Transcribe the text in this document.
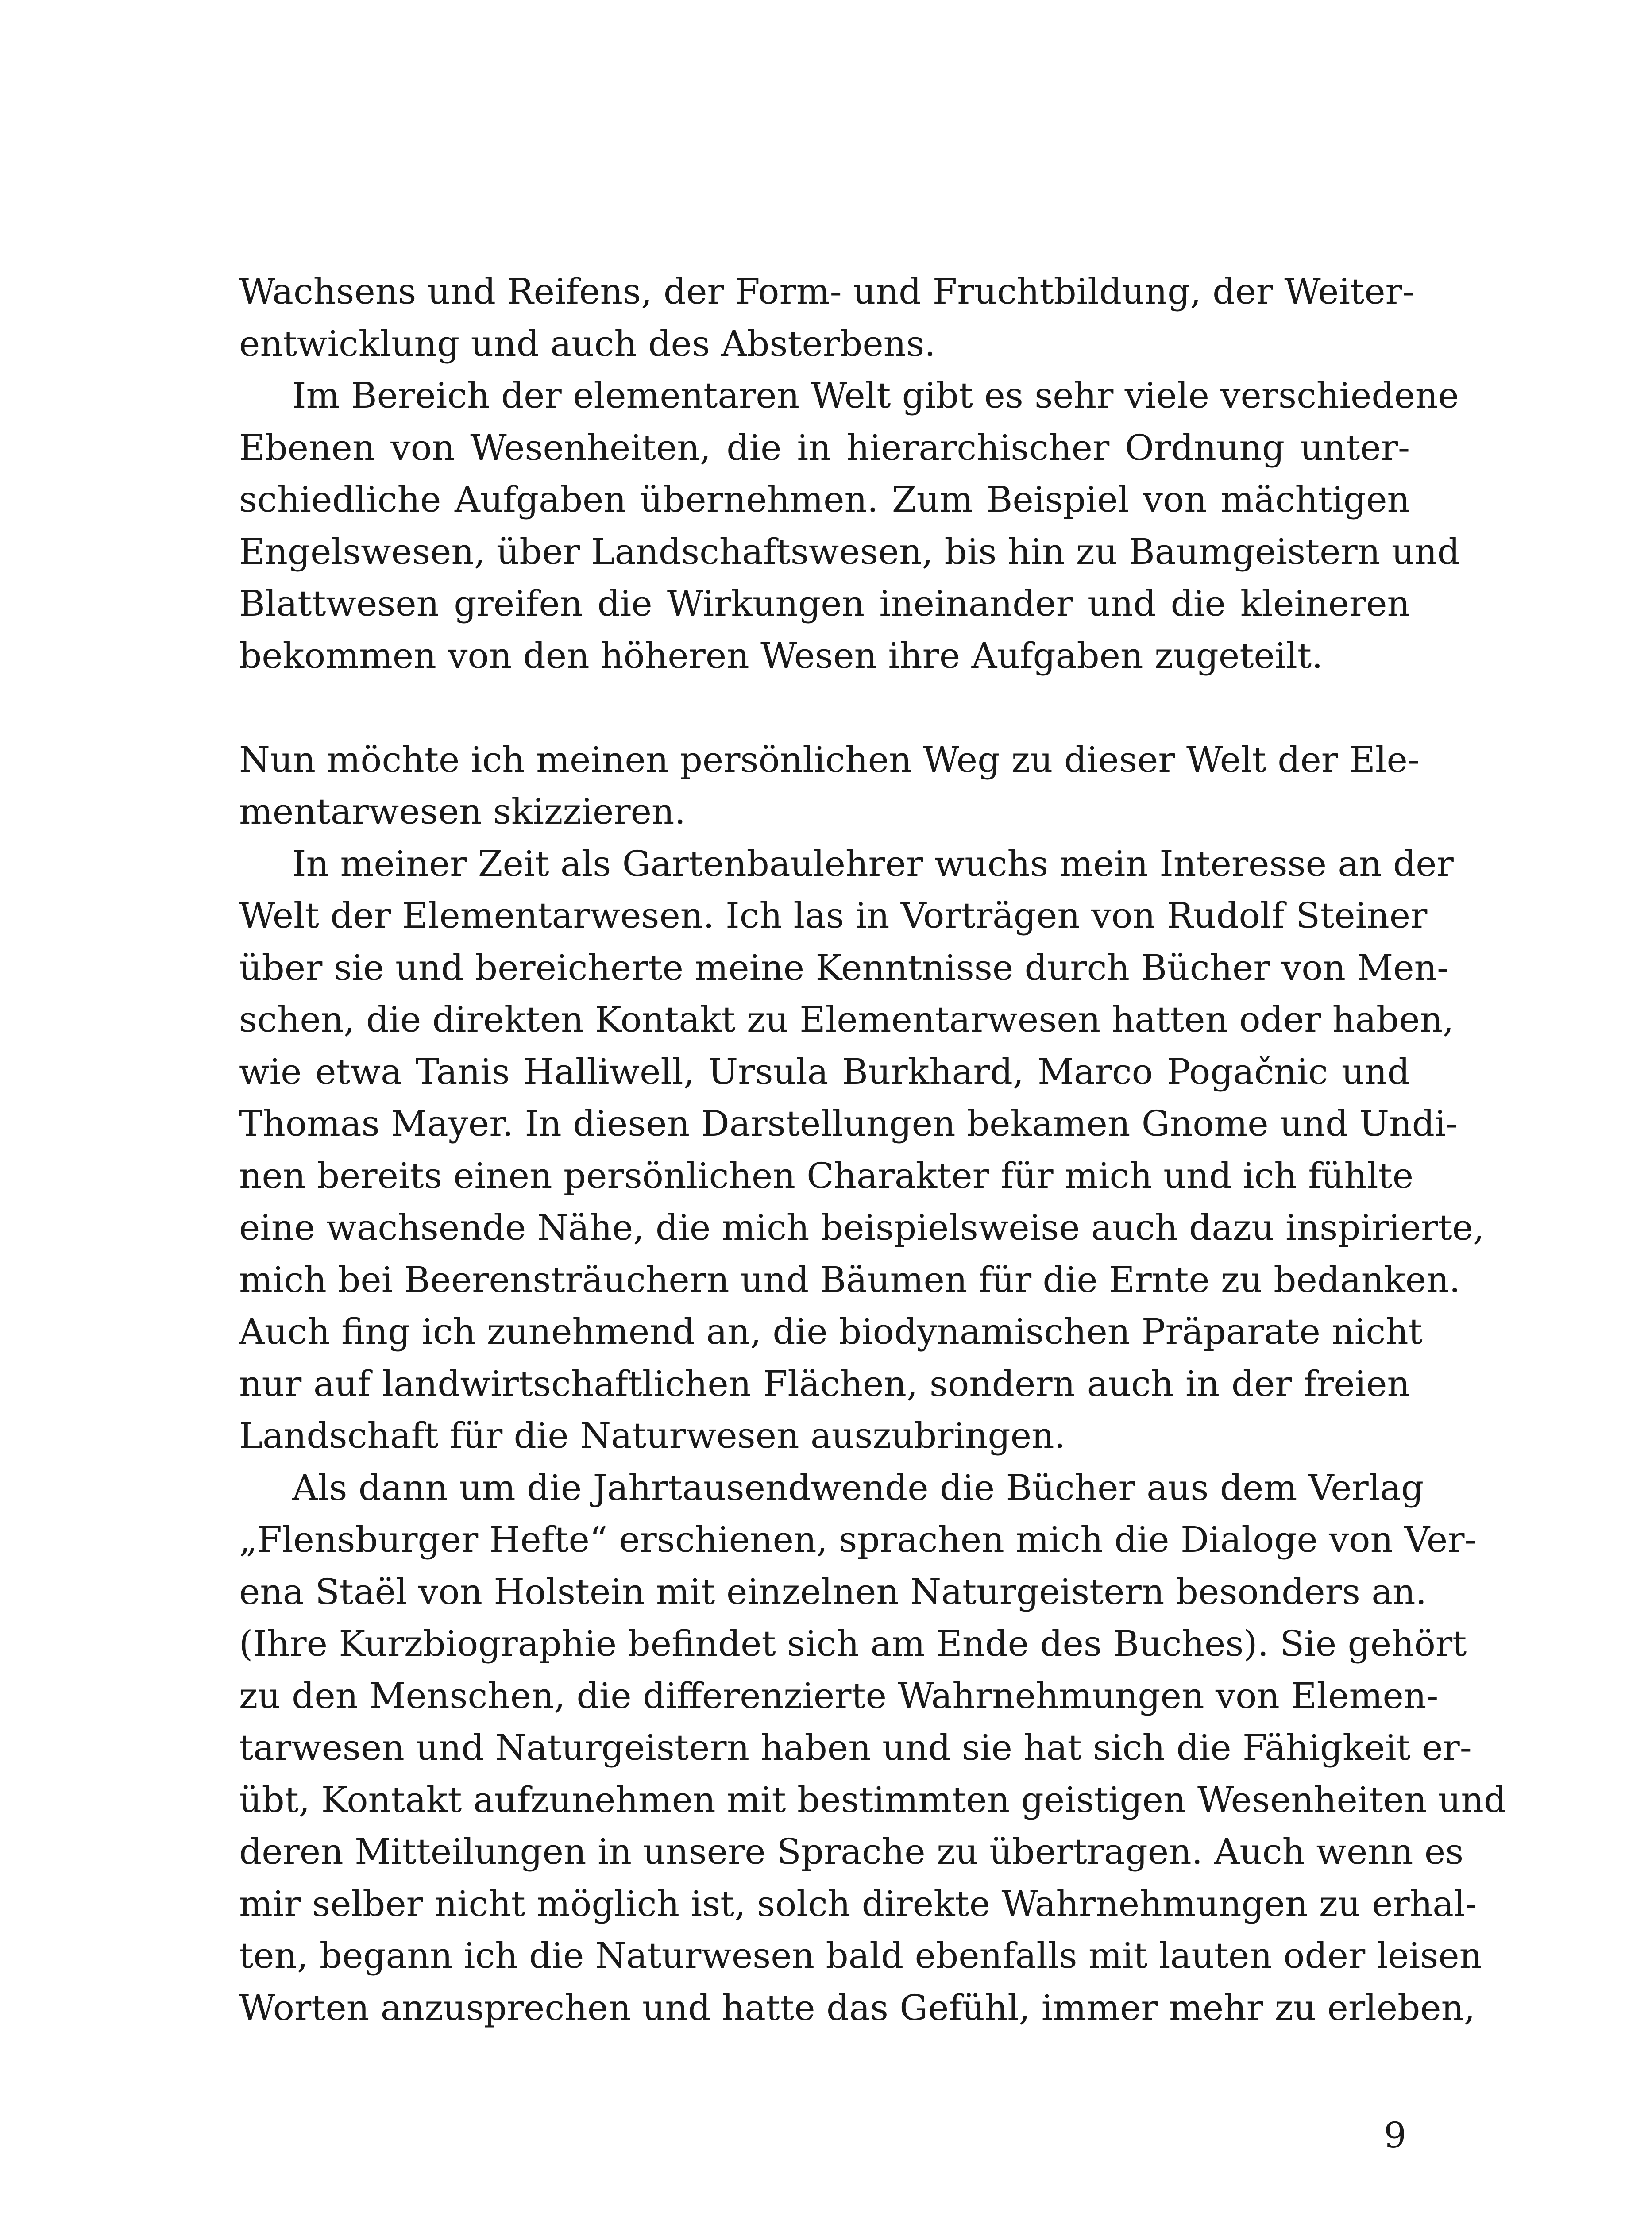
Wachsens und Reifens, der Form- und Fruchtbildung, der Weiter-
entwicklung und auch des Absterbens.
Im Bereich der elementaren Welt gibt es sehr viele verschiedene
Ebenen von Wesenheiten, die in hierarchischer Ordnung unter-
schiedliche Aufgaben übernehmen. Zum Beispiel von mächtigen
Engelswesen, über Landschaftswesen, bis hin zu Baumgeistern und
Blattwesen greifen die Wirkungen ineinander und die kleineren
bekommen von den höheren Wesen ihre Aufgaben zugeteilt.
Nun möchte ich meinen persönlichen Weg zu dieser Welt der Ele-
mentarwesen skizzieren.
In meiner Zeit als Gartenbaulehrer wuchs mein Interesse an der
Welt der Elementarwesen. Ich las in Vorträgen von Rudolf Steiner
über sie und bereicherte meine Kenntnisse durch Bücher von Men-
schen, die direkten Kontakt zu Elementarwesen hatten oder haben,
wie etwa Tanis Halliwell, Ursula Burkhard, Marco Pogačnic und
Thomas Mayer. In diesen Darstellungen bekamen Gnome und Undi-
nen bereits einen persönlichen Charakter für mich und ich fühlte
eine wachsende Nähe, die mich beispielsweise auch dazu inspirierte,
mich bei Beerensträuchern und Bäumen für die Ernte zu bedanken.
Auch fing ich zunehmend an, die biodynamischen Präparate nicht
nur auf landwirtschaftlichen Flächen, sondern auch in der freien
Landschaft für die Naturwesen auszubringen.
Als dann um die Jahrtausendwende die Bücher aus dem Verlag
„Flensburger Hefte“ erschienen, sprachen mich die Dialoge von Ver-
ena Staël von Holstein mit einzelnen Naturgeistern besonders an.
(Ihre Kurzbiographie befindet sich am Ende des Buches). Sie gehört
zu den Menschen, die differenzierte Wahrnehmungen von Elemen-
tarwesen und Naturgeistern haben und sie hat sich die Fähigkeit er-
übt, Kontakt aufzunehmen mit bestimmten geistigen Wesenheiten und
deren Mitteilungen in unsere Sprache zu übertragen. Auch wenn es
mir selber nicht möglich ist, solch direkte Wahrnehmungen zu erhal-
ten, begann ich die Naturwesen bald ebenfalls mit lauten oder leisen
Worten anzusprechen und hatte das Gefühl, immer mehr zu erleben,
9
